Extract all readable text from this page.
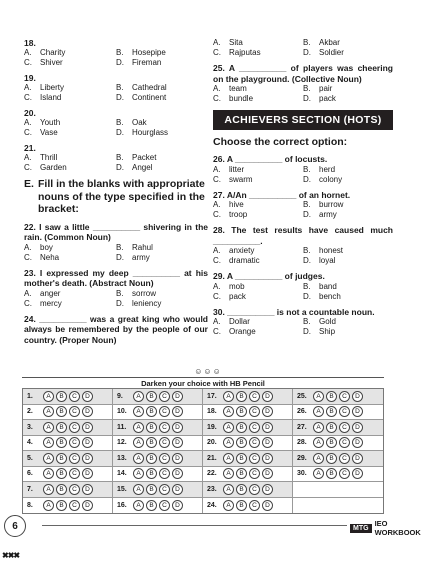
18.
A.	Charity	B.	Hosepipe
C.	Shiver	D.	Fireman
19.
A.	Liberty	B.	Cathedral
C.	Island	D.	Continent
20.
A.	Youth	B.	Oak
C.	Vase	D.	Hourglass
21.
A.	Thrill	B.	Packet
C.	Garden	D.	Angel
E. Fill in the blanks with appropriate nouns of the type specified in the bracket:
22. I saw a little __________ shivering in the rain. (Common Noun)
A.	boy	B.	Rahul
C.	Neha	D.	army
23. I expressed my deep __________ at his mother's death. (Abstract Noun)
A.	anger	B.	sorrow
C.	mercy	D.	leniency
24. __________ was a great king who would always be remembered by the people of our country. (Proper Noun)
A.	Sita	B.	Akbar
C.	Rajputas	D.	Soldier
25. A __________ of players was cheering on the playground. (Collective Noun)
A.	team	B.	pair
C.	bundle	D.	pack
ACHIEVERS SECTION (HOTS)
Choose the correct option:
26. A __________ of locusts.
A.	litter	B.	herd
C.	swarm	D.	colony
27. A/An __________ of an hornet.
A.	hive	B.	burrow
C.	troop	D.	army
28. The test results have caused much __________.
A.	anxiety	B.	honest
C.	dramatic	D.	loyal
29. A __________ of judges.
A.	mob	B.	band
C.	pack	D.	bench
30. __________ is not a countable noun.
A.	Dollar	B.	Gold
C.	Orange	D.	Ship
☺☺☺
Darken your choice with HB Pencil
1.	A	B	C	D	9.	A	B	C	D	17.	A	B	C	D	25.	A	B	C	D
2.	A	B	C	D	10.	A	B	C	D	18.	A	B	C	D	26.	A	B	C	D
3.	A	B	C	D	11.	A	B	C	D	19.	A	B	C	D	27.	A	B	C	D
4.	A	B	C	D	12.	A	B	C	D	20.	A	B	C	D	28.	A	B	C	D
5.	A	B	C	D	13.	A	B	C	D	21.	A	B	C	D	29.	A	B	C	D
6.	A	B	C	D	14.	A	B	C	D	22.	A	B	C	D	30.	A	B	C	D
7.	A	B	C	D	15.	A	B	C	D	23.	A	B	C	D
8.	A	B	C	D	16.	A	B	C	D	24.	A	B	C	D
6	MTG IEO WORKBOOK
✖✖✖
